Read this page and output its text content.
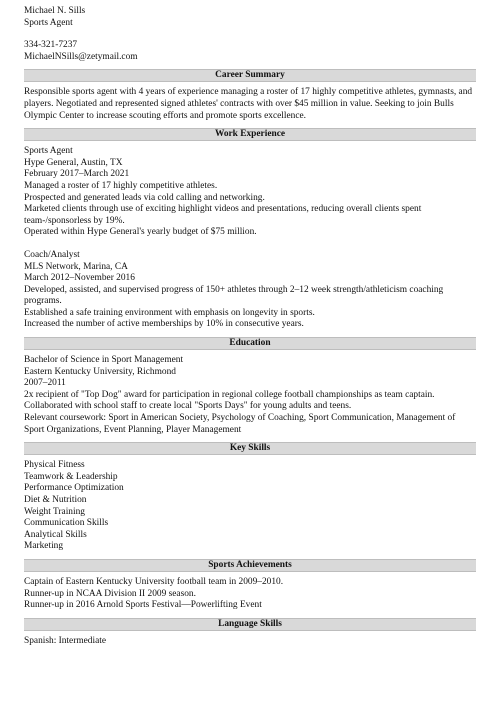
Michael N. Sills
Sports Agent
334-321-7237
MichaelNSills@zetymail.com
Career Summary
Responsible sports agent with 4 years of experience managing a roster of 17 highly competitive athletes, gymnasts, and players. Negotiated and represented signed athletes' contracts with over $45 million in value. Seeking to join Bulls Olympic Center to increase scouting efforts and promote sports excellence.
Work Experience
Sports Agent
Hype General, Austin, TX
February 2017–March 2021
Managed a roster of 17 highly competitive athletes.
Prospected and generated leads via cold calling and networking.
Marketed clients through use of exciting highlight videos and presentations, reducing overall clients spent team-/sponsorless by 19%.
Operated within Hype General's yearly budget of $75 million.
Coach/Analyst
MLS Network, Marina, CA
March 2012–November 2016
Developed, assisted, and supervised progress of 150+ athletes through 2–12 week strength/athleticism coaching programs.
Established a safe training environment with emphasis on longevity in sports.
Increased the number of active memberships by 10% in consecutive years.
Education
Bachelor of Science in Sport Management
Eastern Kentucky University, Richmond
2007–2011
2x recipient of "Top Dog" award for participation in regional college football championships as team captain.
Collaborated with school staff to create local "Sports Days" for young adults and teens.
Relevant coursework: Sport in American Society, Psychology of Coaching, Sport Communication, Management of Sport Organizations, Event Planning, Player Management
Key Skills
Physical Fitness
Teamwork & Leadership
Performance Optimization
Diet & Nutrition
Weight Training
Communication Skills
Analytical Skills
Marketing
Sports Achievements
Captain of Eastern Kentucky University football team in 2009–2010.
Runner-up in NCAA Division II 2009 season.
Runner-up in 2016 Arnold Sports Festival—Powerlifting Event
Language Skills
Spanish: Intermediate
